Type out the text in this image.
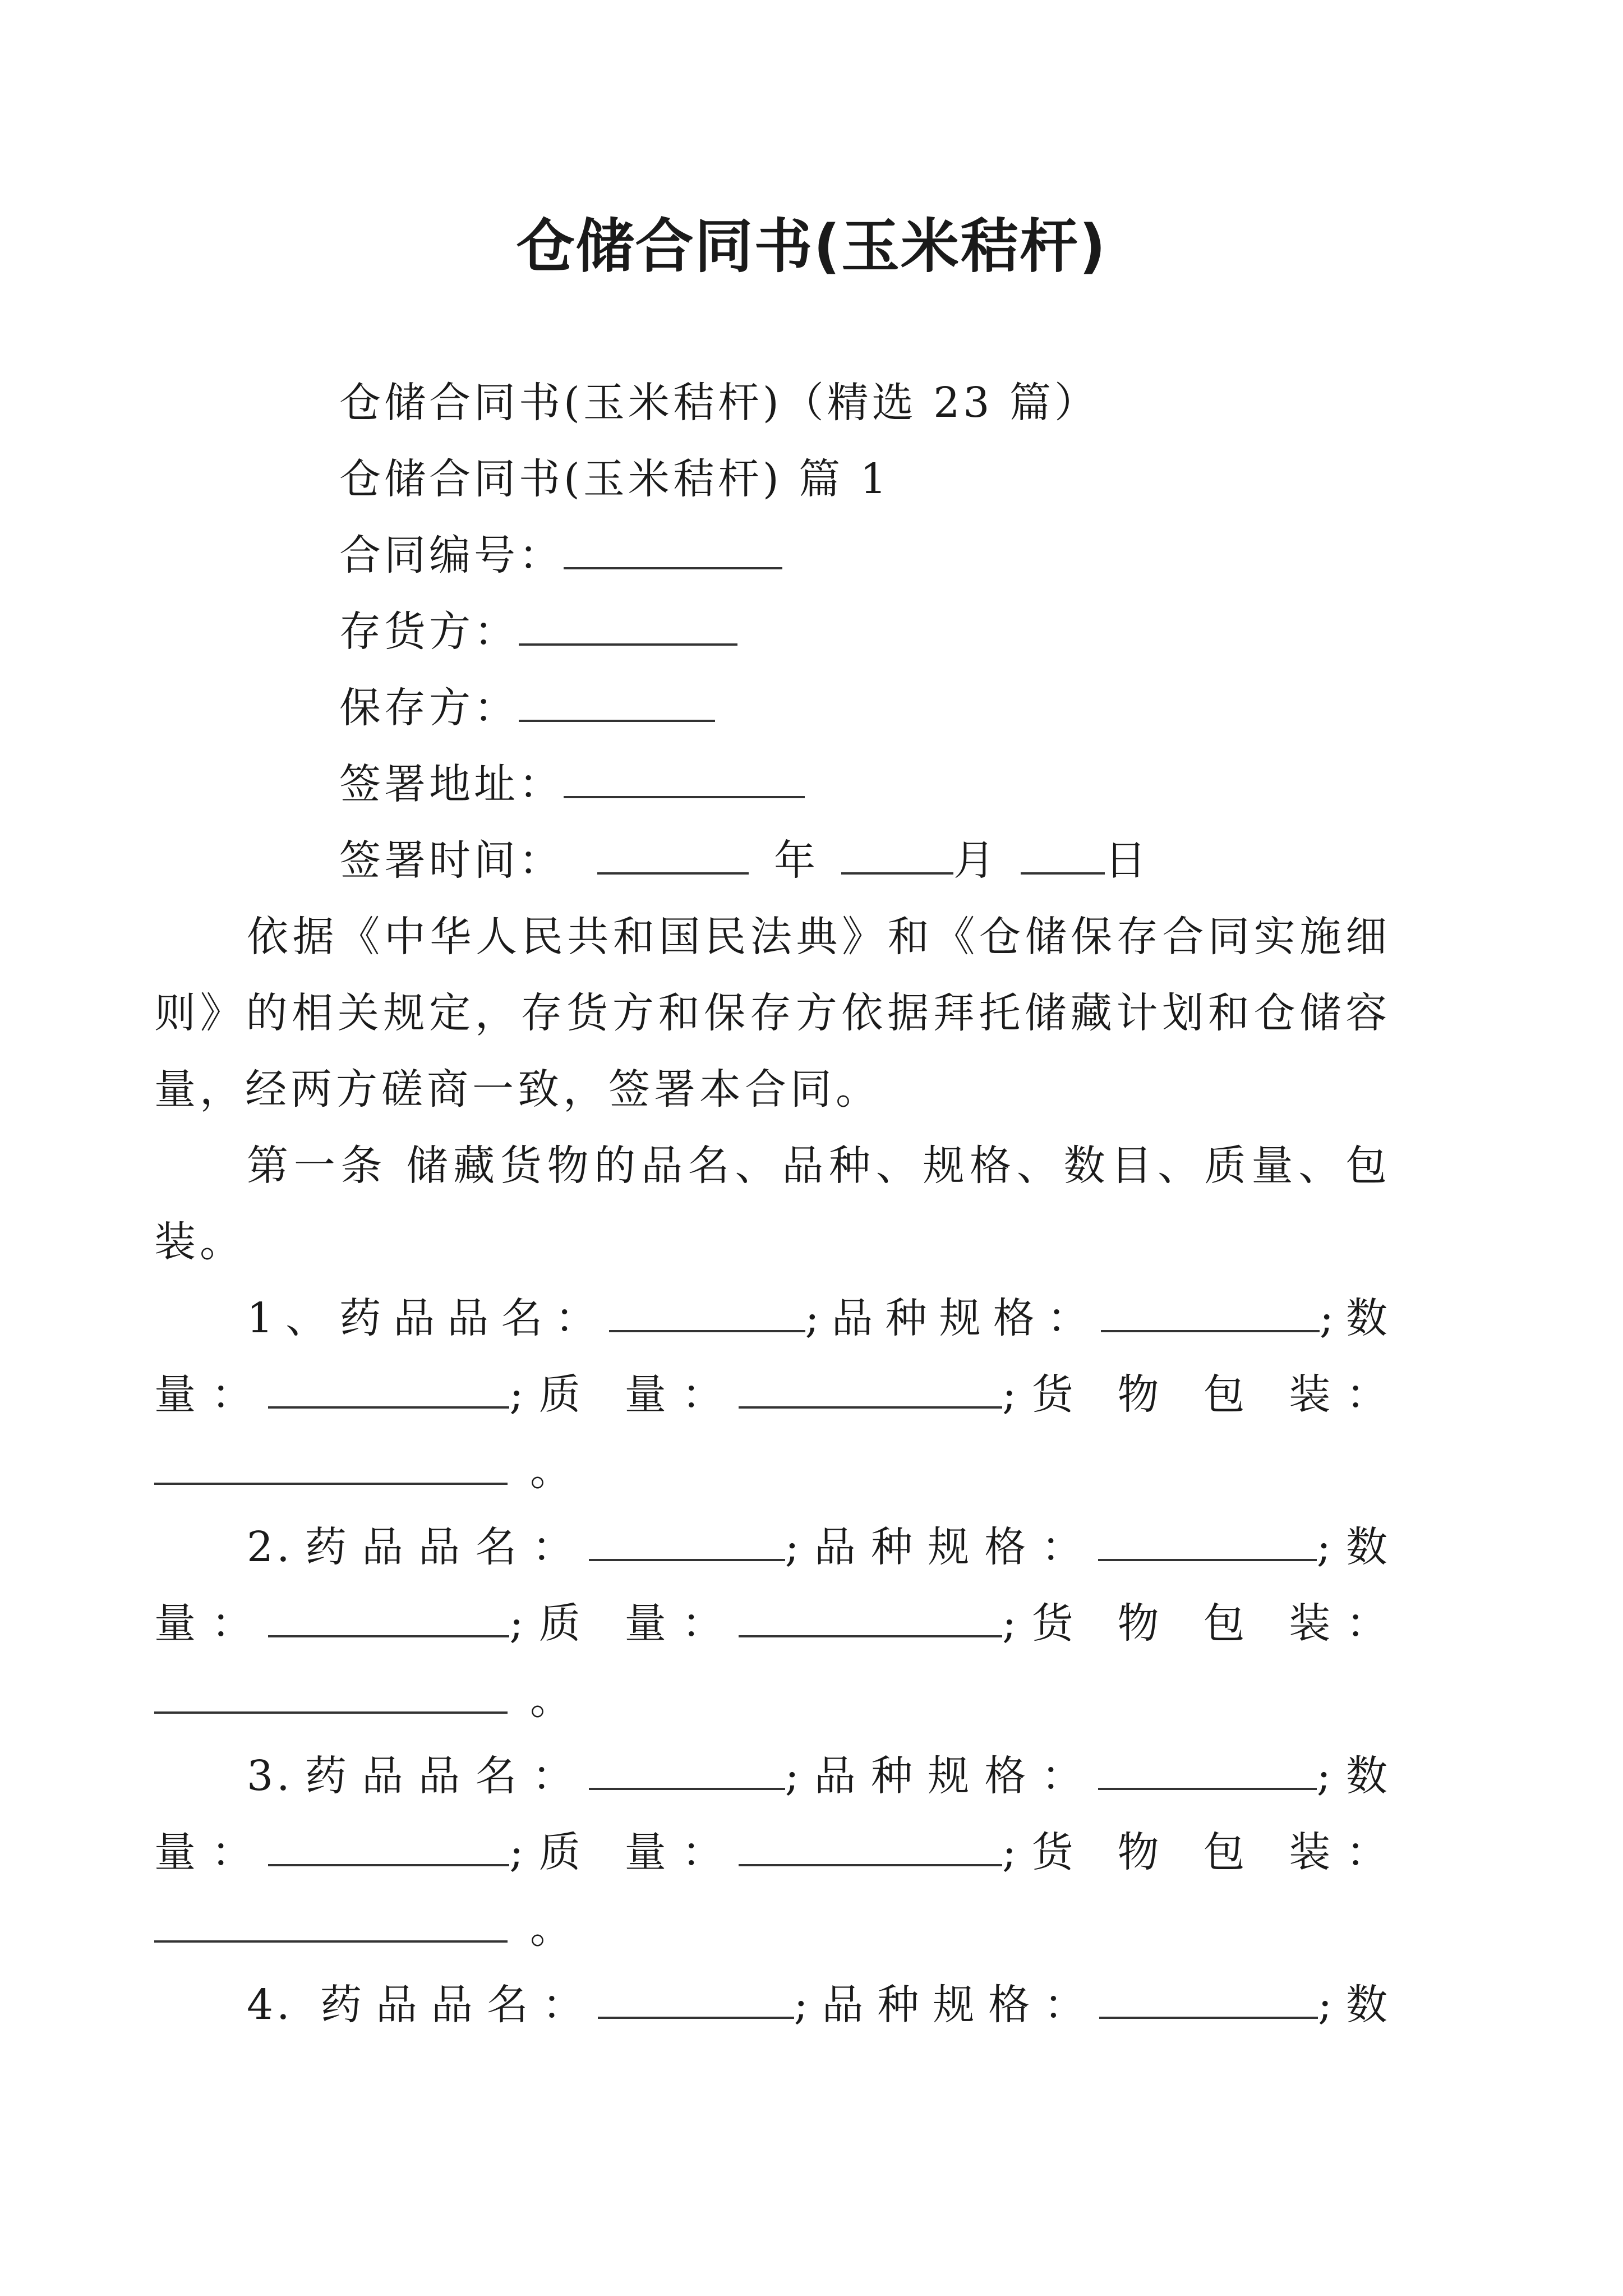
仓储合同书(玉米秸杆)

仓储合同书(玉米秸杆)（精选 23 篇）

仓储合同书(玉米秸杆) 篇 1

合同编号：

存货方：

保存方：

签署地址：

签署时间：	年	月	日

依据《中华人民共和国民法典》和《仓储保存合同实施细则》的相关规定，存货方和保存方依据拜托储藏计划和仓储容量，经两方磋商一致，签署本合同。

第一条 储藏货物的品名、品种、规格、数目、质量、包 装。

1、药品品名：	;品种规格：	;数

量：	;质 量：	;货 物 包 装：

。

2.药品品名：	;品种规格：	;数

量：	;质 量：	;货 物 包 装：

。

3.药品品名：	;品种规格：	;数

量：	;质 量：	;货 物 包 装：

。

4. 药品品名：	;品种规格：	;数
